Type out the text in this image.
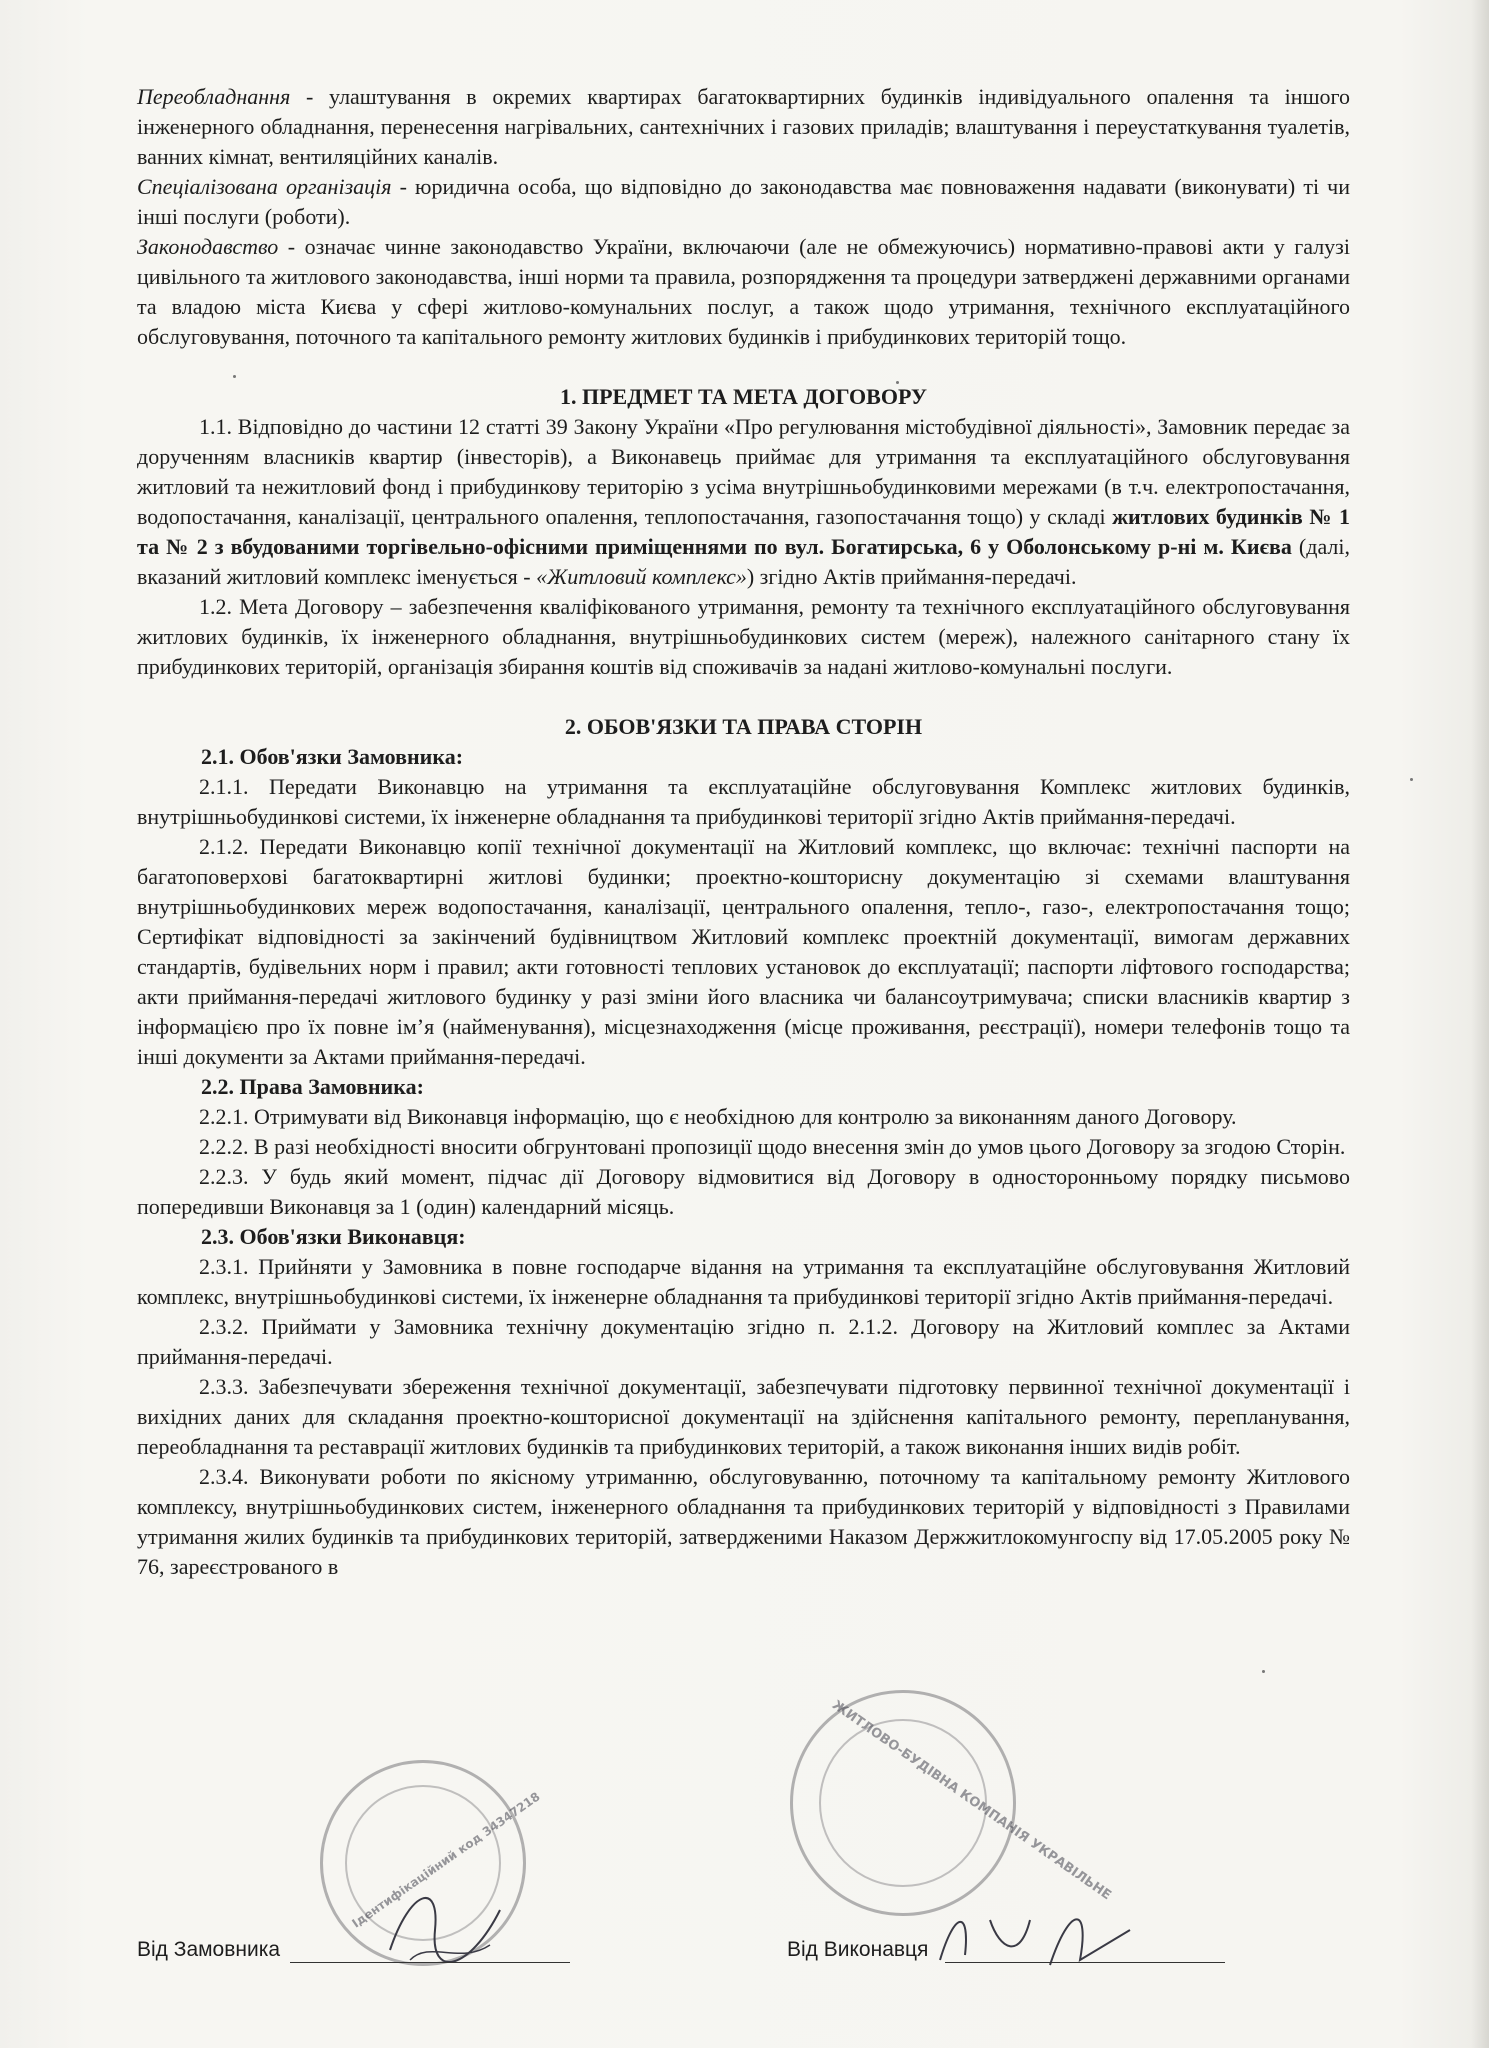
Переобладнання - улаштування в окремих квартирах багатоквартирних будинків індивідуального опалення та іншого інженерного обладнання, перенесення нагрівальних, сантехнічних і газових приладів; влаштування і переустаткування туалетів, ванних кімнат, вентиляційних каналів.

Спеціалізована організація - юридична особа, що відповідно до законодавства має повноваження надавати (виконувати) ті чи інші послуги (роботи).

Законодавство - означає чинне законодавство України, включаючи (але не обмежуючись) нормативно-правові акти у галузі цивільного та житлового законодавства, інші норми та правила, розпорядження та процедури затверджені державними органами та владою міста Києва у сфері житлово-комунальних послуг, а також щодо утримання, технічного експлуатаційного обслуговування, поточного та капітального ремонту житлових будинків і прибудинкових територій тощо.

1. ПРЕДМЕТ ТА МЕТА ДОГОВОРУ

1.1. Відповідно до частини 12 статті 39 Закону України «Про регулювання містобудівної діяльності», Замовник передає за дорученням власників квартир (інвесторів), а Виконавець приймає для утримання та експлуатаційного обслуговування житловий та нежитловий фонд і прибудинкову територію з усіма внутрішньобудинковими мережами (в т.ч. електропостачання, водопостачання, каналізації, центрального опалення, теплопостачання, газопостачання тощо) у складі житлових будинків № 1 та № 2 з вбудованими торгівельно-офісними приміщеннями по вул. Богатирська, 6 у Оболонському р-ні м. Києва (далі, вказаний житловий комплекс іменується - «Житловий комплекс») згідно Актів приймання-передачі.

1.2. Мета Договору – забезпечення кваліфікованого утримання, ремонту та технічного експлуатаційного обслуговування житлових будинків, їх інженерного обладнання, внутрішньобудинкових систем (мереж), належного санітарного стану їх прибудинкових територій, організація збирання коштів від споживачів за надані житлово-комунальні послуги.

2. ОБОВ'ЯЗКИ ТА ПРАВА СТОРІН

2.1. Обов'язки Замовника:

2.1.1. Передати Виконавцю на утримання та експлуатаційне обслуговування Комплекс житлових будинків, внутрішньобудинкові системи, їх інженерне обладнання та прибудинкові території згідно Актів приймання-передачі.

2.1.2. Передати Виконавцю копії технічної документації на Житловий комплекс, що включає: технічні паспорти на багатоповерхові багатоквартирні житлові будинки; проектно-кошторисну документацію зі схемами влаштування внутрішньобудинкових мереж водопостачання, каналізації, центрального опалення, тепло-, газо-, електропостачання тощо; Сертифікат відповідності за закінчений будівництвом Житловий комплекс проектній документації, вимогам державних стандартів, будівельних норм і правил; акти готовності теплових установок до експлуатації; паспорти ліфтового господарства; акти приймання-передачі житлового будинку у разі зміни його власника чи балансоутримувача; списки власників квартир з інформацією про їх повне ім’я (найменування), місцезнаходження (місце проживання, реєстрації), номери телефонів тощо та інші документи за Актами приймання-передачі.

2.2. Права Замовника:

2.2.1. Отримувати від Виконавця інформацію, що є необхідною для контролю за виконанням даного Договору.

2.2.2. В разі необхідності вносити обгрунтовані пропозиції щодо внесення змін до умов цього Договору за згодою Сторін.

2.2.3. У будь який момент, підчас дії Договору відмовитися від Договору в односторонньому порядку письмово попередивши Виконавця за 1 (один) календарний місяць.

2.3. Обов'язки Виконавця:

2.3.1. Прийняти у Замовника в повне господарче відання на утримання та експлуатаційне обслуговування Житловий комплекс, внутрішньобудинкові системи, їх інженерне обладнання та прибудинкові території згідно Актів приймання-передачі.

2.3.2. Приймати у Замовника технічну документацію згідно п. 2.1.2. Договору на Житловий комплес за Актами приймання-передачі.

2.3.3. Забезпечувати збереження технічної документації, забезпечувати підготовку первинної технічної документації і вихідних даних для складання проектно-кошторисної документації на здійснення капітального ремонту, перепланування, переобладнання та реставрації житлових будинків та прибудинкових територій, а також виконання інших видів робіт.

2.3.4. Виконувати роботи по якісному утриманню, обслуговуванню, поточному та капітальному ремонту Житлового комплексу, внутрішньобудинкових систем, інженерного обладнання та прибудинкових територій у відповідності з Правилами утримання жилих будинків та прибудинкових територій, затвердженими Наказом Держжитлокомунгоспу від 17.05.2005 року № 76, зареєстрованого в

Ідентифікаційний код 34347218	ЖИТЛОВО-БУДІВНА КОМПАНІЯ УКРАВІЛЬНЕ
Від Замовника	Від Виконавця
